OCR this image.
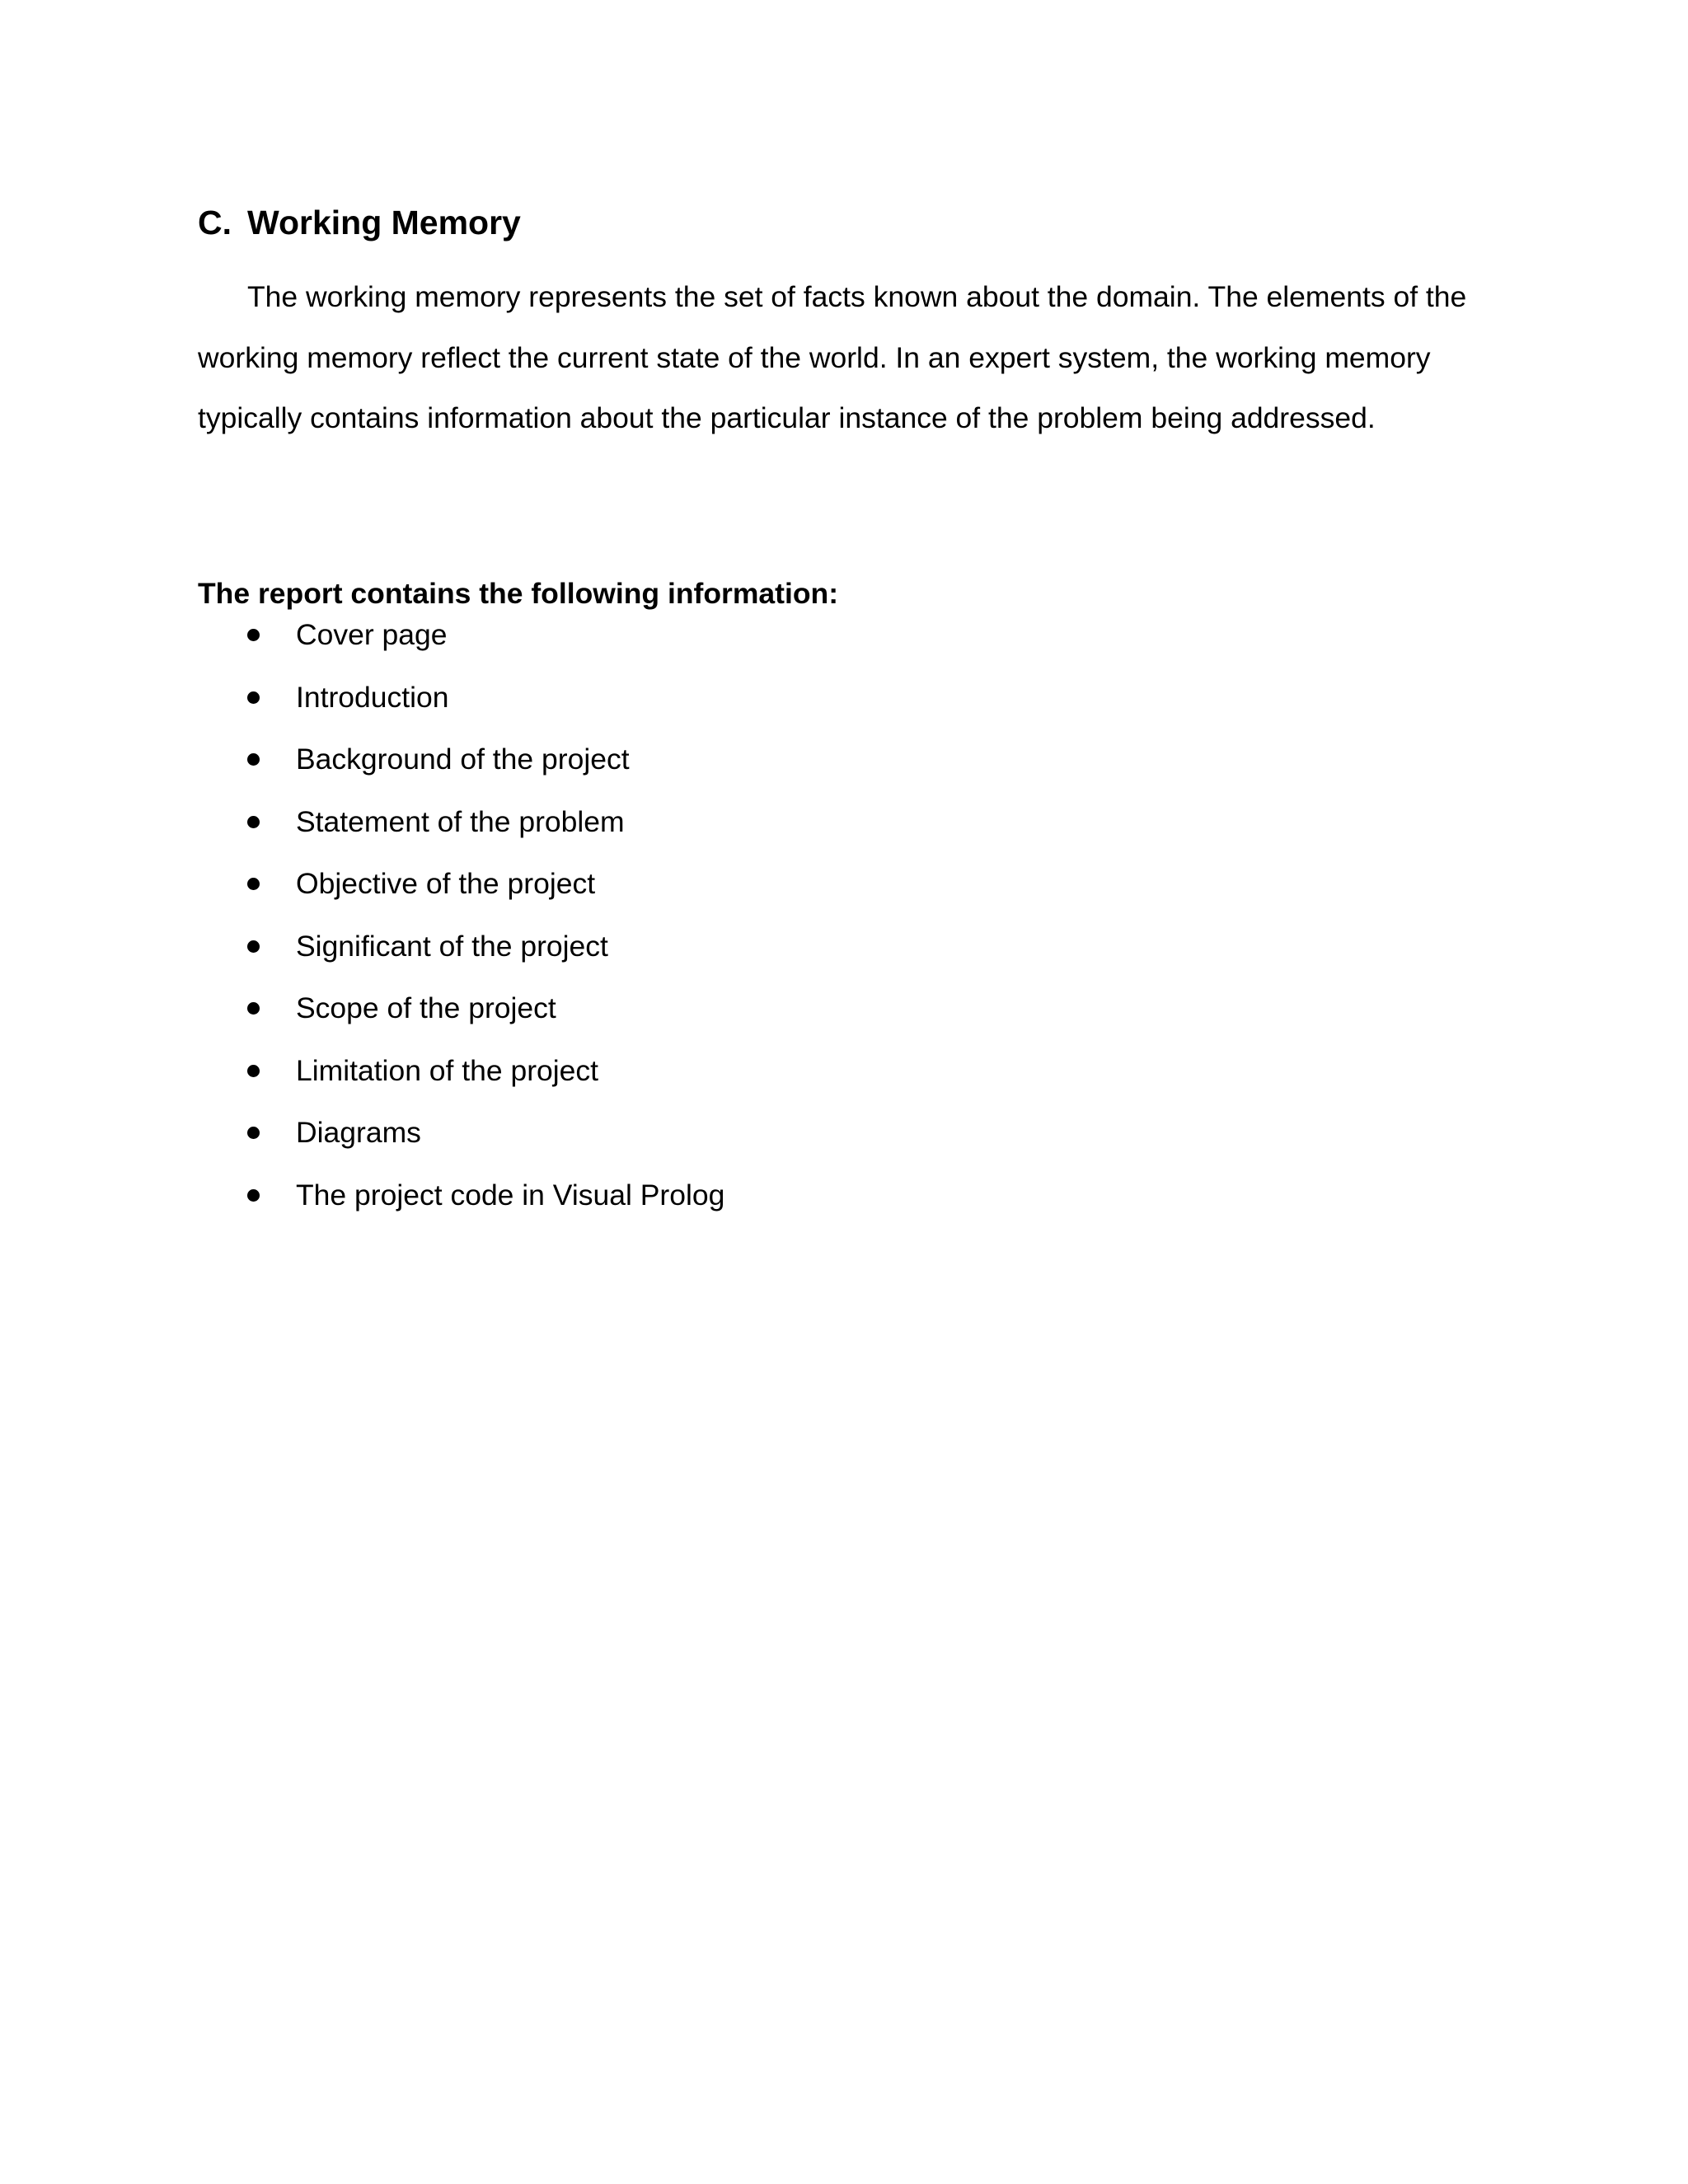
C. Working Memory

The working memory represents the set of facts known about the domain. The elements of the working memory reflect the current state of the world. In an expert system, the working memory typically contains information about the particular instance of the problem being addressed.

The report contains the following information:

Cover page
Introduction
Background of the project
Statement of the problem
Objective of the project
Significant of the project
Scope of the project
Limitation of the project
Diagrams
The project code in Visual Prolog
